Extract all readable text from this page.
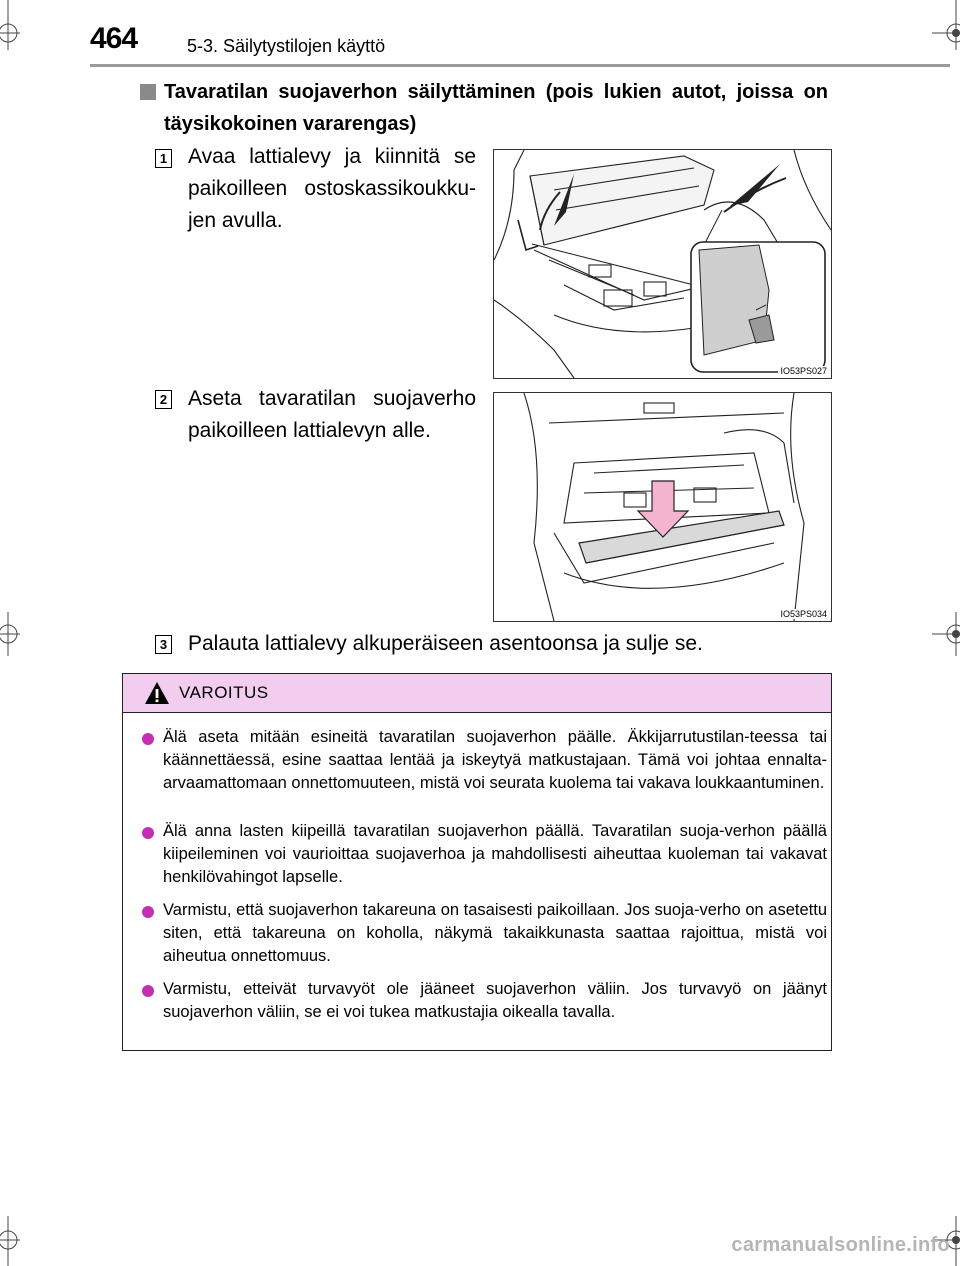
464	5-3. Säilytystilojen käyttö
Tavaratilan suojaverhon säilyttäminen (pois lukien autot, joissa on täysikokoinen vararengas)
1 Avaa lattialevy ja kiinnitä se paikoilleen ostoskassikoukku-jen avulla.
IO53PS027
2 Aseta tavaratilan suojaverho paikoilleen lattialevyn alle.
IO53PS034
3 Palauta lattialevy alkuperäiseen asentoonsa ja sulje se.
VAROITUS
Älä aseta mitään esineitä tavaratilan suojaverhon päälle. Äkkijarrutustilan-teessa tai käännettäessä, esine saattaa lentää ja iskeytyä matkustajaan. Tämä voi johtaa ennalta-arvaamattomaan onnettomuuteen, mistä voi seurata kuolema tai vakava loukkaantuminen.
Älä anna lasten kiipeillä tavaratilan suojaverhon päällä. Tavaratilan suoja-verhon päällä kiipeileminen voi vaurioittaa suojaverhoa ja mahdollisesti aiheuttaa kuoleman tai vakavat henkilövahingot lapselle.
Varmistu, että suojaverhon takareuna on tasaisesti paikoillaan. Jos suoja-verho on asetettu siten, että takareuna on koholla, näkymä takaikkunasta saattaa rajoittua, mistä voi aiheutua onnettomuus.
Varmistu, etteivät turvavyöt ole jääneet suojaverhon väliin. Jos turvavyö on jäänyt suojaverhon väliin, se ei voi tukea matkustajia oikealla tavalla.
carmanualsonline.info
